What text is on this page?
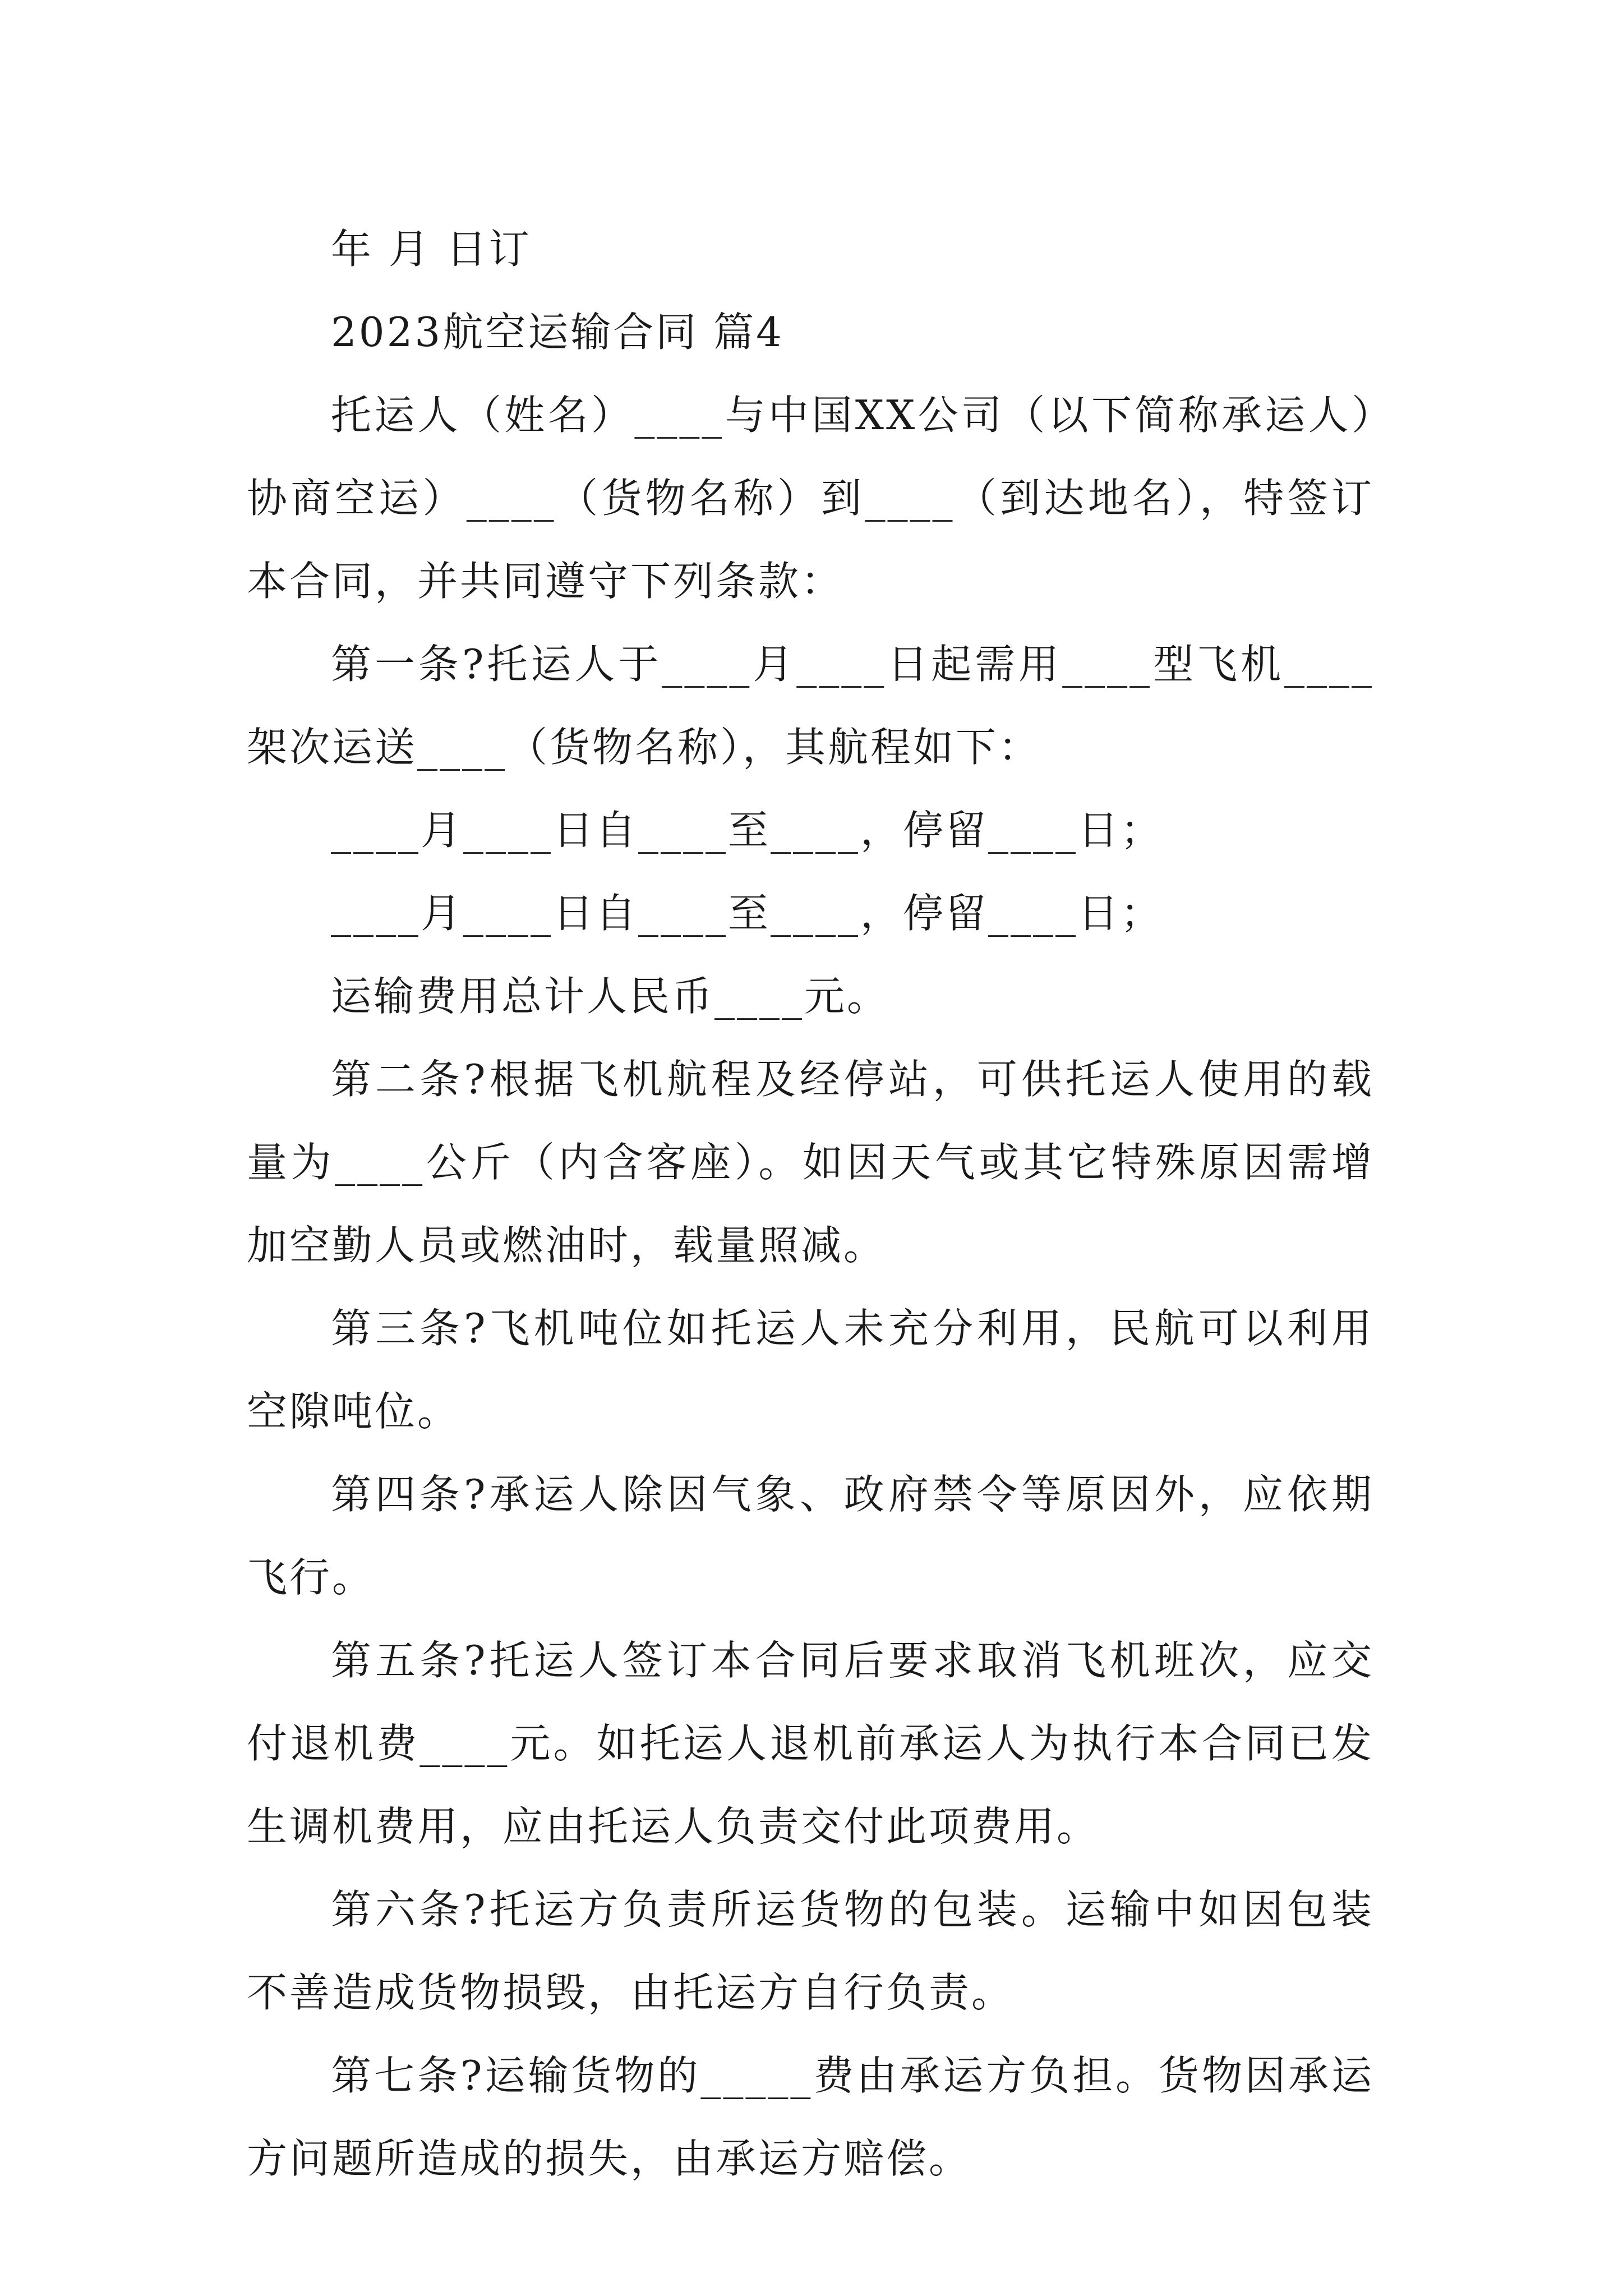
年 月 日订

2023航空运输合同 篇4

托运人（姓名）____与中国XX公司（以下简称承运人）协商空运）____（货物名称）到____（到达地名），特签订本合同，并共同遵守下列条款：

第一条?托运人于____月____日起需用____型飞机____架次运送____（货物名称），其航程如下：

____月____日自____至____，停留____日；

____月____日自____至____，停留____日；

运输费用总计人民币____元。

第二条?根据飞机航程及经停站，可供托运人使用的载量为____公斤（内含客座）。如因天气或其它特殊原因需增加空勤人员或燃油时，载量照减。

第三条?飞机吨位如托运人未充分利用，民航可以利用空隙吨位。

第四条?承运人除因气象、政府禁令等原因外，应依期飞行。

第五条?托运人签订本合同后要求取消飞机班次，应交付退机费____元。如托运人退机前承运人为执行本合同已发生调机费用，应由托运人负责交付此项费用。

第六条?托运方负责所运货物的包装。运输中如因包装不善造成货物损毁，由托运方自行负责。

第七条?运输货物的_____费由承运方负担。货物因承运方问题所造成的损失，由承运方赔偿。
